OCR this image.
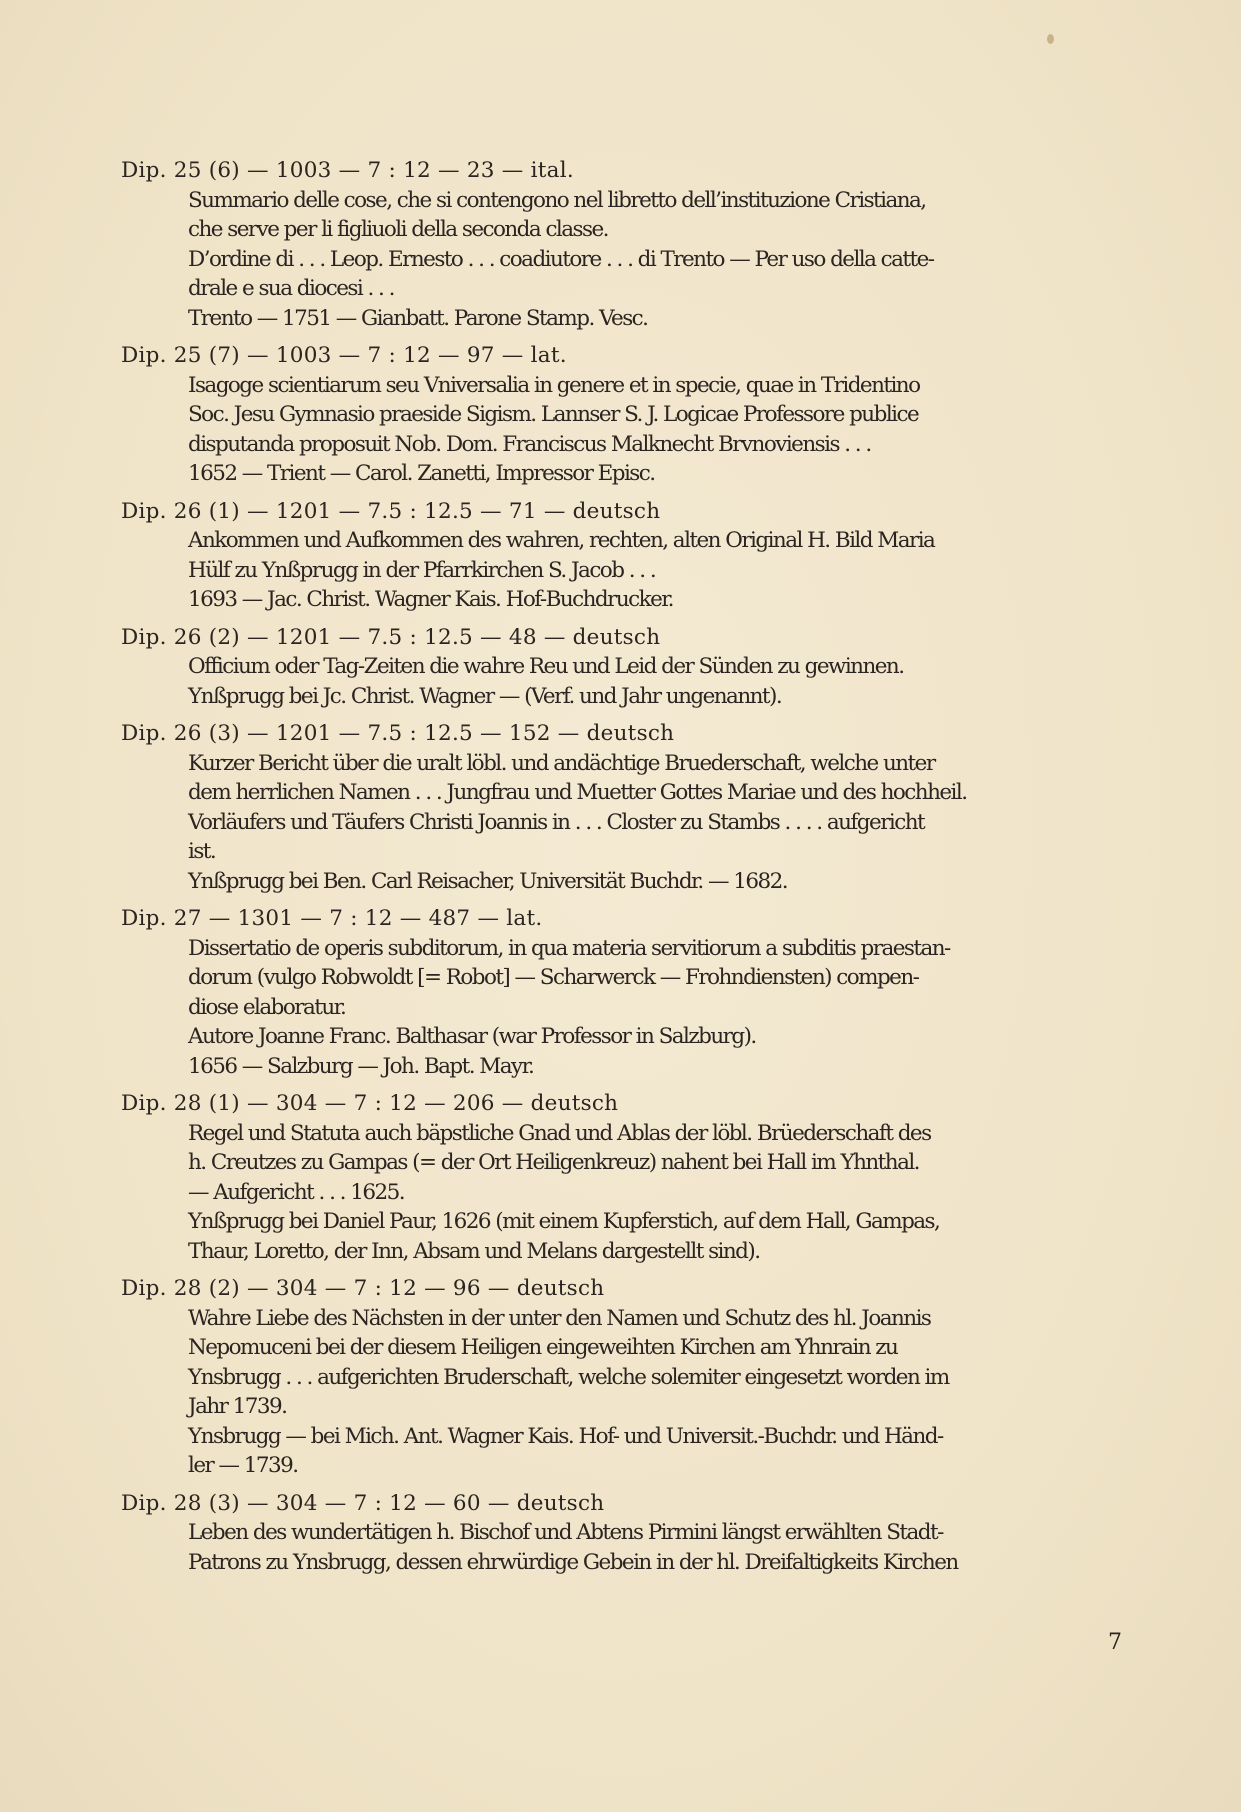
Dip. 25 (6) — 1003 — 7 : 12 — 23 — ital.
Summario delle cose, che si contengono nel libretto dell’instituzione Cristiana,
che serve per li figliuoli della seconda classe.
D’ordine di . . . Leop. Ernesto . . . coadiutore . . . di Trento — Per uso della catte-
drale e sua diocesi . . .
Trento — 1751 — Gianbatt. Parone Stamp. Vesc.
Dip. 25 (7) — 1003 — 7 : 12 — 97 — lat.
Isagoge scientiarum seu Vniversalia in genere et in specie, quae in Tridentino
Soc. Jesu Gymnasio praeside Sigism. Lannser S. J. Logicae Professore publice
disputanda proposuit Nob. Dom. Franciscus Malknecht Brvnoviensis . . .
1652 — Trient — Carol. Zanetti, Impressor Episc.
Dip. 26 (1) — 1201 — 7.5 : 12.5 — 71 — deutsch
Ankommen und Aufkommen des wahren, rechten, alten Original H. Bild Maria
Hülf zu Ynßprugg in der Pfarrkirchen S. Jacob . . .
1693 — Jac. Christ. Wagner Kais. Hof-Buchdrucker.
Dip. 26 (2) — 1201 — 7.5 : 12.5 — 48 — deutsch
Officium oder Tag-Zeiten die wahre Reu und Leid der Sünden zu gewinnen.
Ynßprugg bei Jc. Christ. Wagner — (Verf. und Jahr ungenannt).
Dip. 26 (3) — 1201 — 7.5 : 12.5 — 152 — deutsch
Kurzer Bericht über die uralt löbl. und andächtige Bruederschaft, welche unter
dem herrlichen Namen . . . Jungfrau und Muetter Gottes Mariae und des hochheil.
Vorläufers und Täufers Christi Joannis in . . . Closter zu Stambs . . . . aufgericht
ist.
Ynßprugg bei Ben. Carl Reisacher, Universität Buchdr. — 1682.
Dip. 27 — 1301 — 7 : 12 — 487 — lat.
Dissertatio de operis subditorum, in qua materia servitiorum a subditis praestan-
dorum (vulgo Robwoldt [= Robot] — Scharwerck — Frohndiensten) compen-
diose elaboratur.
Autore Joanne Franc. Balthasar (war Professor in Salzburg).
1656 — Salzburg — Joh. Bapt. Mayr.
Dip. 28 (1) — 304 — 7 : 12 — 206 — deutsch
Regel und Statuta auch bäpstliche Gnad und Ablas der löbl. Brüederschaft des
h. Creutzes zu Gampas (= der Ort Heiligenkreuz) nahent bei Hall im Yhnthal.
— Aufgericht . . . 1625.
Ynßprugg bei Daniel Paur, 1626 (mit einem Kupferstich, auf dem Hall, Gampas,
Thaur, Loretto, der Inn, Absam und Melans dargestellt sind).
Dip. 28 (2) — 304 — 7 : 12 — 96 — deutsch
Wahre Liebe des Nächsten in der unter den Namen und Schutz des hl. Joannis
Nepomuceni bei der diesem Heiligen eingeweihten Kirchen am Yhnrain zu
Ynsbrugg . . . aufgerichten Bruderschaft, welche solemiter eingesetzt worden im
Jahr 1739.
Ynsbrugg — bei Mich. Ant. Wagner Kais. Hof- und Universit.-Buchdr. und Händ-
ler — 1739.
Dip. 28 (3) — 304 — 7 : 12 — 60 — deutsch
Leben des wundertätigen h. Bischof und Abtens Pirmini längst erwählten Stadt-
Patrons zu Ynsbrugg, dessen ehrwürdige Gebein in der hl. Dreifaltigkeits Kirchen
7
